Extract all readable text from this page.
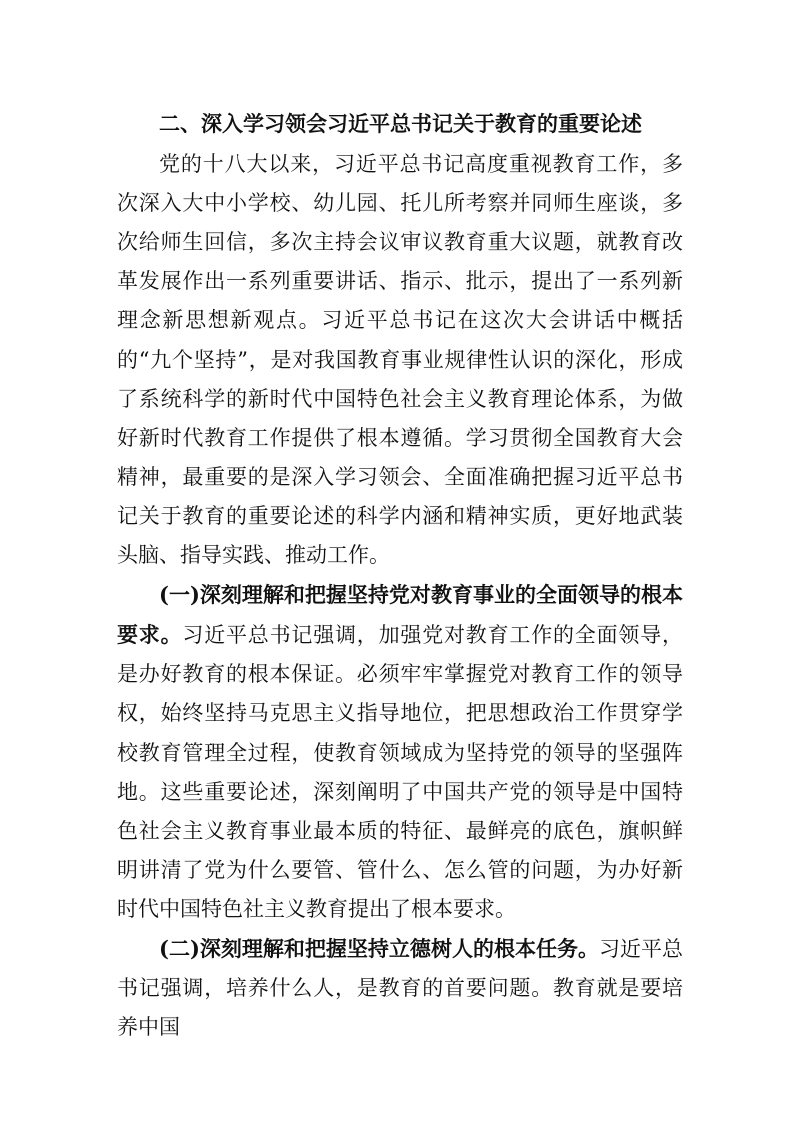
二、深入学习领会习近平总书记关于教育的重要论述

党的十八大以来，习近平总书记高度重视教育工作，多次深入大中小学校、幼儿园、托儿所考察并同师生座谈，多次给师生回信，多次主持会议审议教育重大议题，就教育改革发展作出一系列重要讲话、指示、批示，提出了一系列新理念新思想新观点。习近平总书记在这次大会讲话中概括的“九个坚持”，是对我国教育事业规律性认识的深化，形成了系统科学的新时代中国特色社会主义教育理论体系，为做好新时代教育工作提供了根本遵循。学习贯彻全国教育大会精神，最重要的是深入学习领会、全面准确把握习近平总书记关于教育的重要论述的科学内涵和精神实质，更好地武装头脑、指导实践、推动工作。

(一)深刻理解和把握坚持党对教育事业的全面领导的根本要求。习近平总书记强调，加强党对教育工作的全面领导，是办好教育的根本保证。必须牢牢掌握党对教育工作的领导权，始终坚持马克思主义指导地位，把思想政治工作贯穿学校教育管理全过程，使教育领域成为坚持党的领导的坚强阵地。这些重要论述，深刻阐明了中国共产党的领导是中国特色社会主义教育事业最本质的特征、最鲜亮的底色，旗帜鲜明讲清了党为什么要管、管什么、怎么管的问题，为办好新时代中国特色社主义教育提出了根本要求。

(二)深刻理解和把握坚持立德树人的根本任务。习近平总书记强调，培养什么人，是教育的首要问题。教育就是要培养中国
